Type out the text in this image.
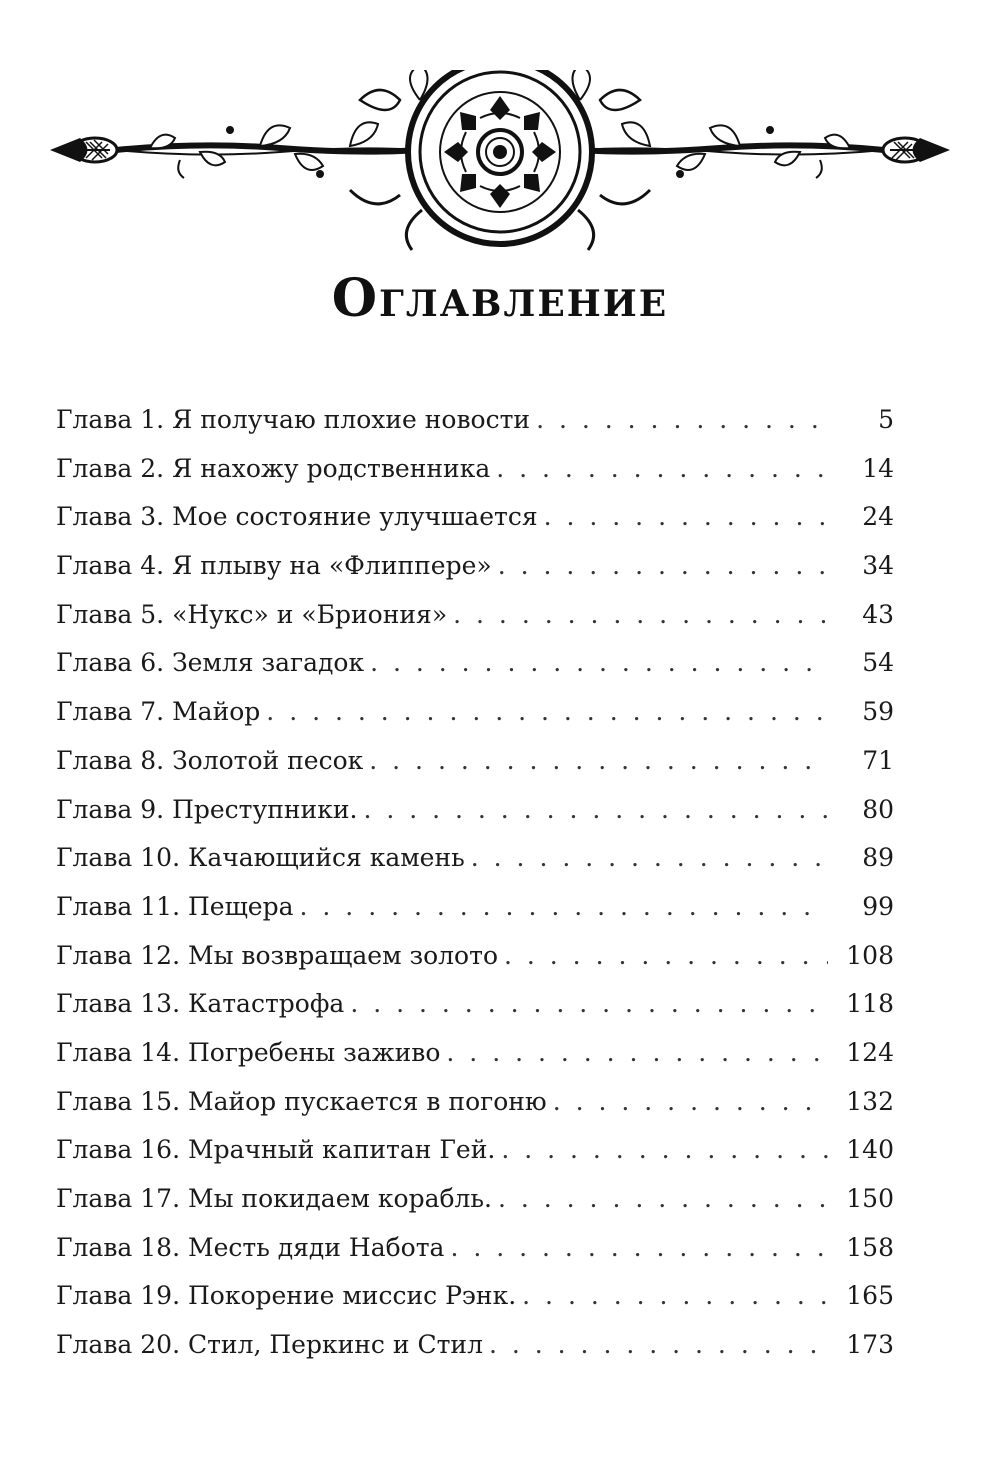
Оглавление
Глава 1. Я получаю плохие новости . . .	5
Глава 2. Я нахожу родственника . . .	14
Глава 3. Мое состояние улучшается . . .	24
Глава 4. Я плыву на «Флиппере» . . .	34
Глава 5. «Нукс» и «Бриония» . . .	43
Глава 6. Земля загадок . . .	54
Глава 7. Майор . . .	59
Глава 8. Золотой песок . . .	71
Глава 9. Преступники. . . .	80
Глава 10. Качающийся камень . . .	89
Глава 11. Пещера . . .	99
Глава 12. Мы возвращаем золото . . .	108
Глава 13. Катастрофа . . .	118
Глава 14. Погребены заживо . . .	124
Глава 15. Майор пускается в погоню . . .	132
Глава 16. Мрачный капитан Гей. . . .	140
Глава 17. Мы покидаем корабль. . . .	150
Глава 18. Месть дяди Набота . . .	158
Глава 19. Покорение миссис Рэнк. . . .	165
Глава 20. Стил, Перкинс и Стил . . .	173
